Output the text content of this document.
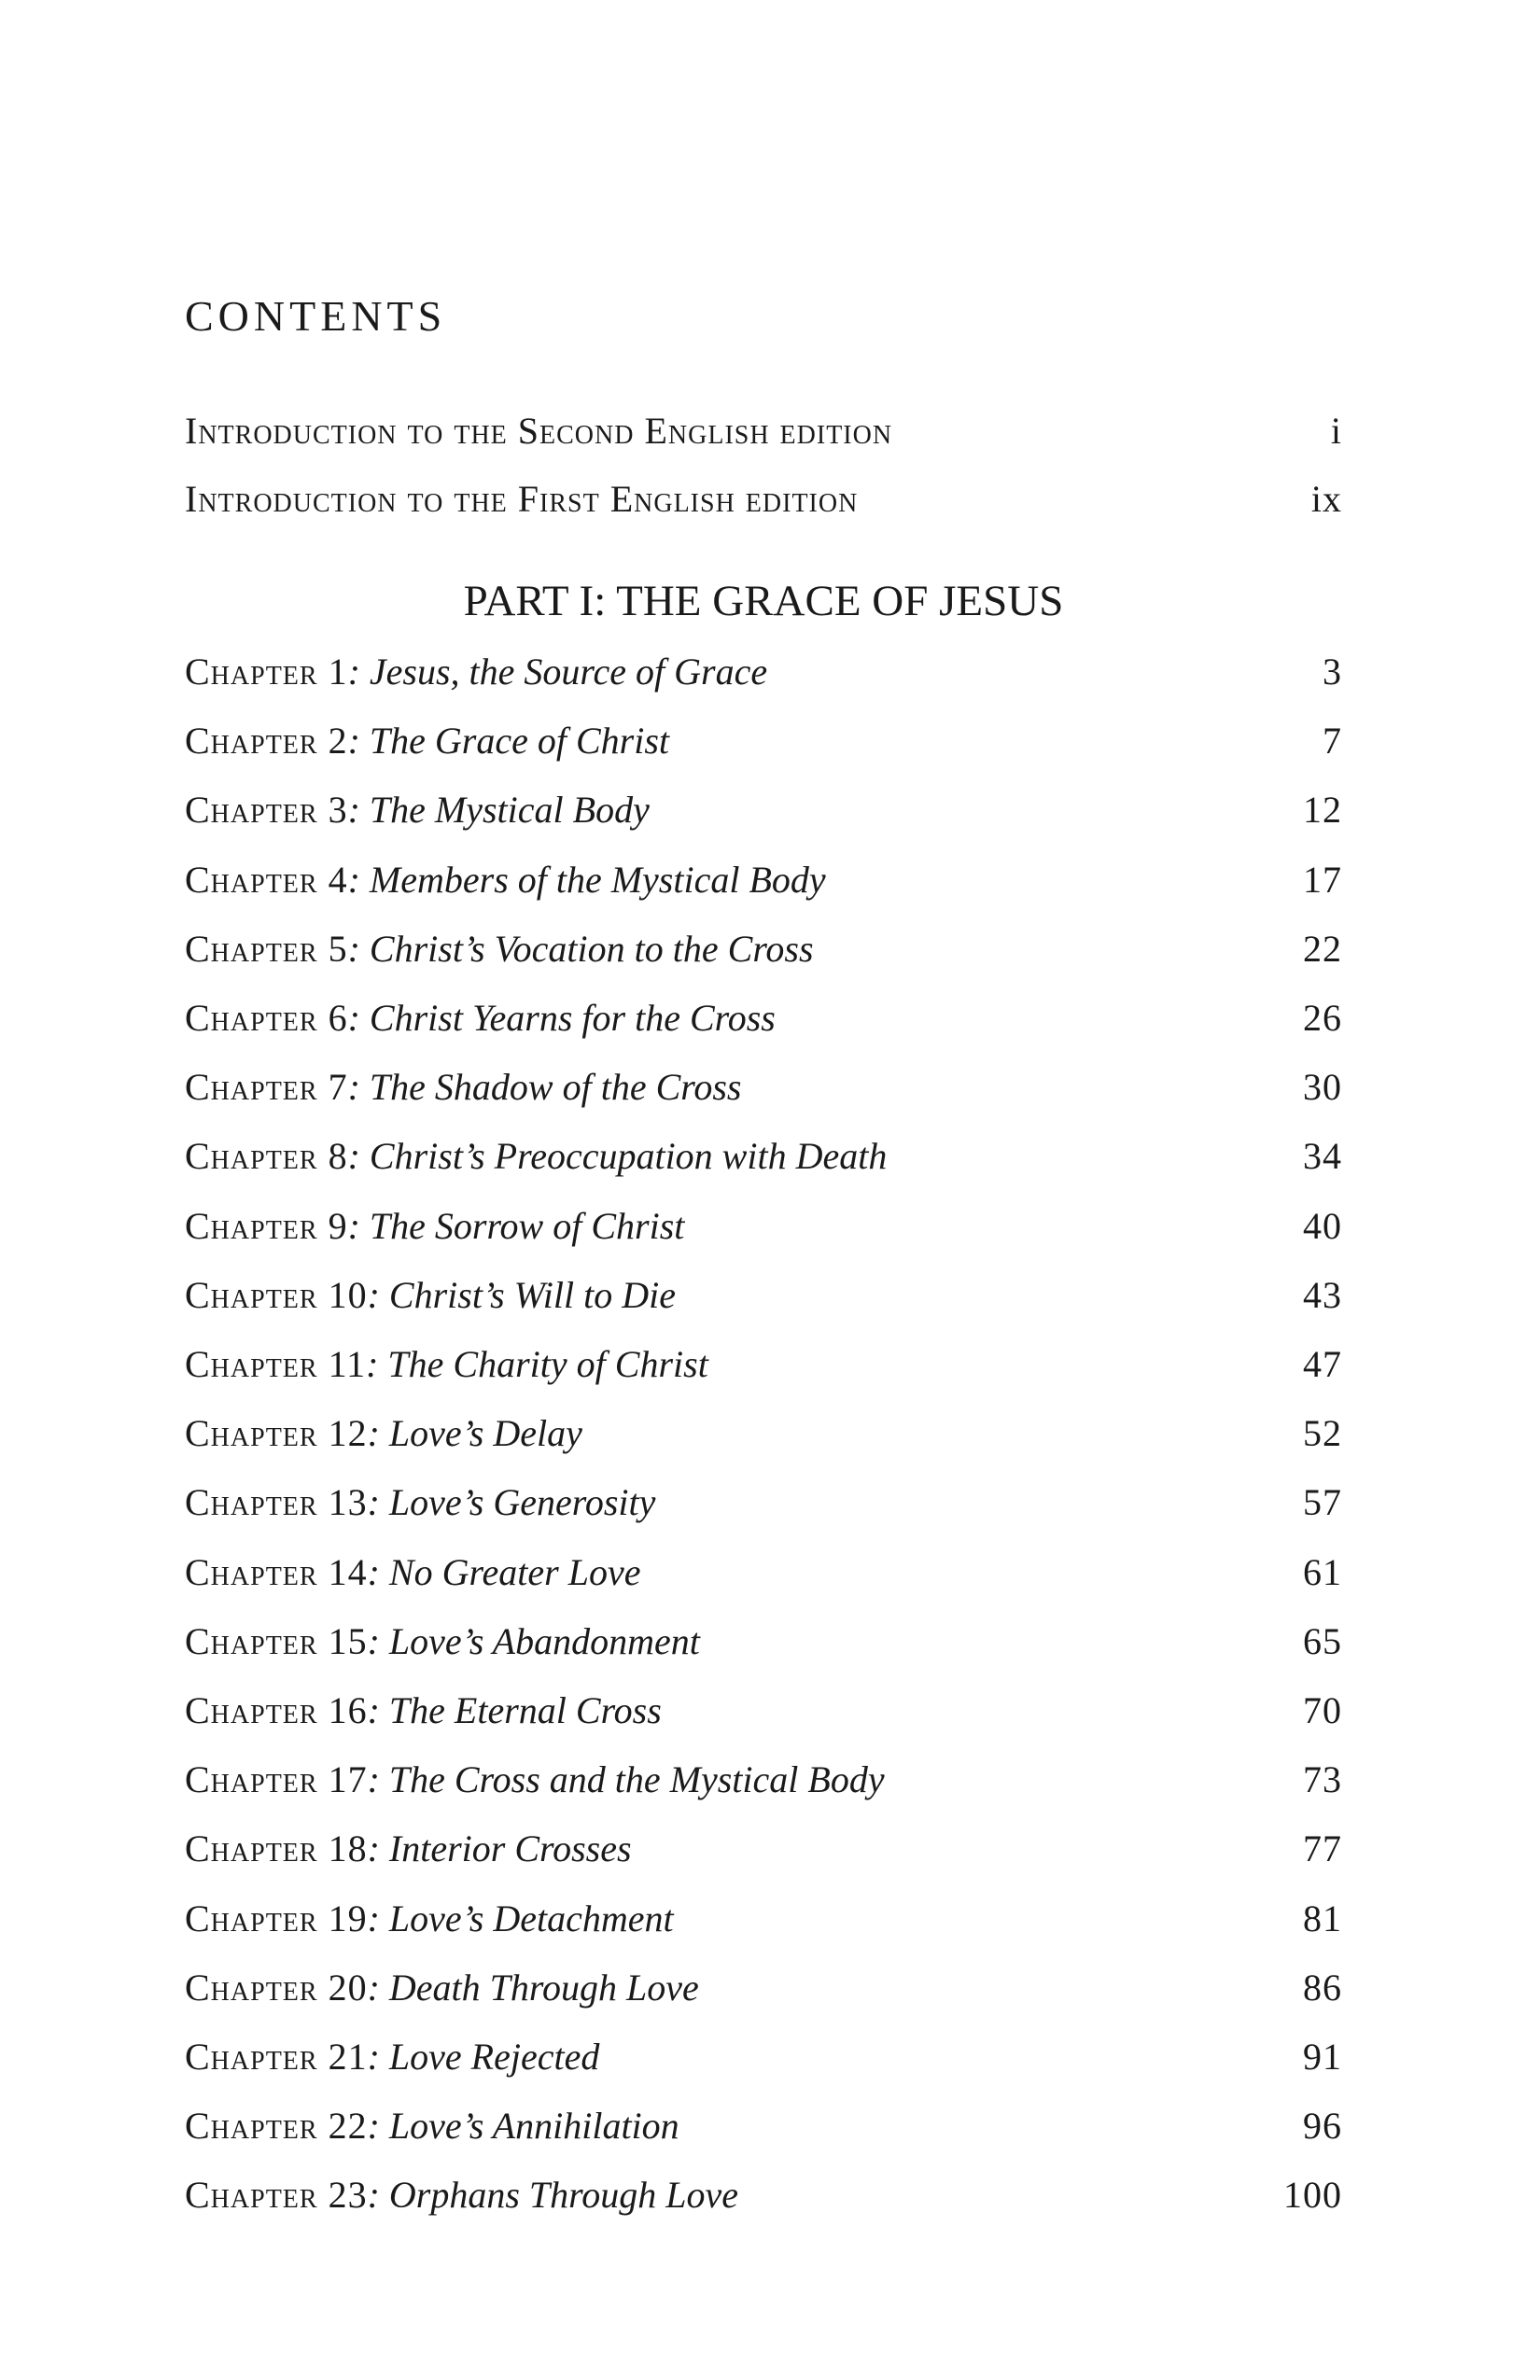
contents
Introduction to the Second English edition	i
Introduction to the First English edition	ix
PART I: THE GRACE OF JESUS
Chapter 1: Jesus, the Source of Grace	3
Chapter 2: The Grace of Christ	7
Chapter 3: The Mystical Body	12
Chapter 4: Members of the Mystical Body	17
Chapter 5: Christ’s Vocation to the Cross	22
Chapter 6: Christ Yearns for the Cross	26
Chapter 7: The Shadow of the Cross	30
Chapter 8: Christ’s Preoccupation with Death	34
Chapter 9: The Sorrow of Christ	40
Chapter 10: Christ’s Will to Die	43
Chapter 11: The Charity of Christ	47
Chapter 12: Love’s Delay	52
Chapter 13: Love’s Generosity	57
Chapter 14: No Greater Love	61
Chapter 15: Love’s Abandonment	65
Chapter 16: The Eternal Cross	70
Chapter 17: The Cross and the Mystical Body	73
Chapter 18: Interior Crosses	77
Chapter 19: Love’s Detachment	81
Chapter 20: Death Through Love	86
Chapter 21: Love Rejected	91
Chapter 22: Love’s Annihilation	96
Chapter 23: Orphans Through Love	100
